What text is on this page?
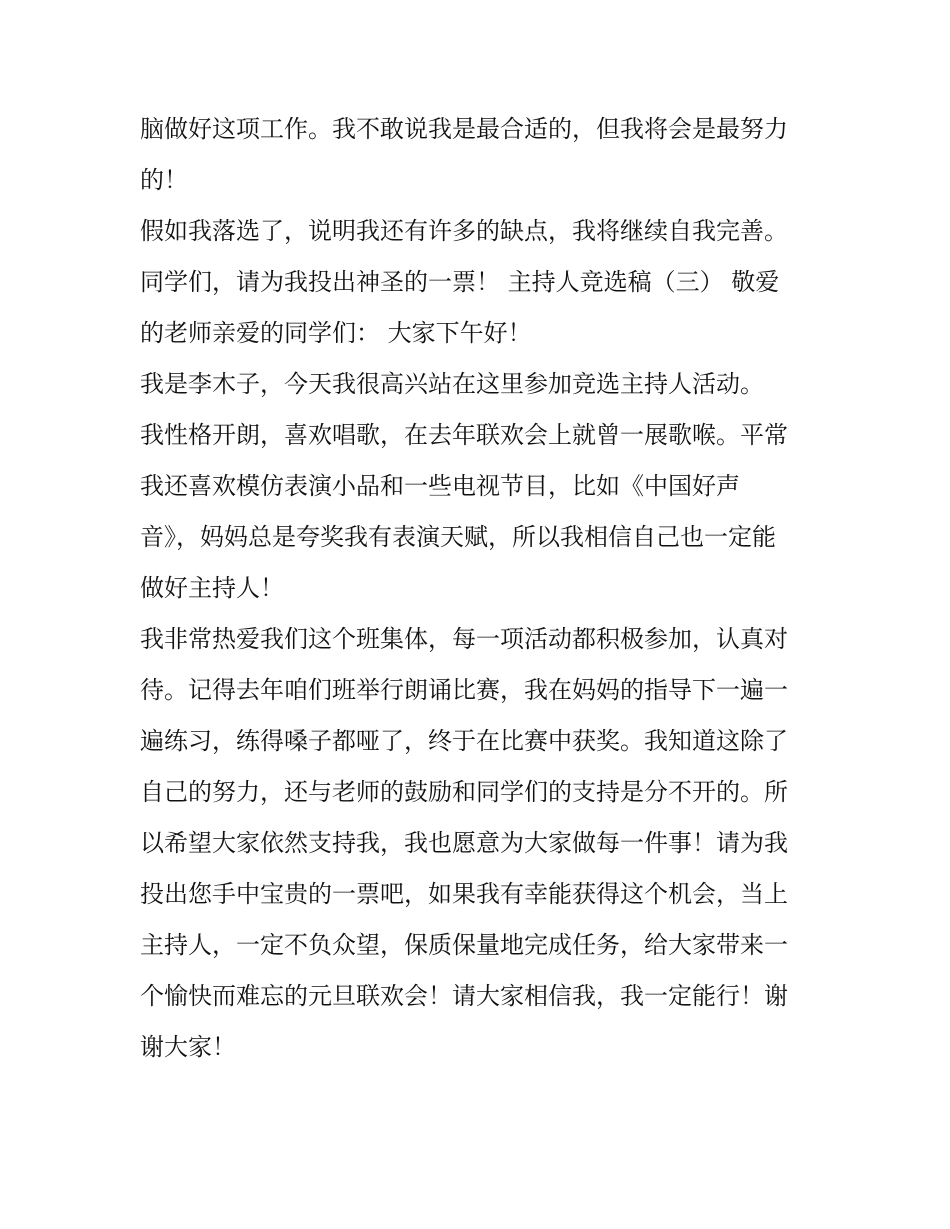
脑做好这项工作。我不敢说我是最合适的，但我将会是最努力

的！

假如我落选了，说明我还有许多的缺点，我将继续自我完善。

同学们，请为我投出神圣的一票！ 主持人竞选稿（三） 敬爱

的老师亲爱的同学们： 大家下午好！

我是李木子，今天我很高兴站在这里参加竞选主持人活动。

我性格开朗，喜欢唱歌，在去年联欢会上就曾一展歌喉。平常

我还喜欢模仿表演小品和一些电视节目，比如《中国好声

音》，妈妈总是夸奖我有表演天赋，所以我相信自己也一定能

做好主持人！

我非常热爱我们这个班集体，每一项活动都积极参加，认真对

待。记得去年咱们班举行朗诵比赛，我在妈妈的指导下一遍一

遍练习，练得嗓子都哑了，终于在比赛中获奖。我知道这除了

自己的努力，还与老师的鼓励和同学们的支持是分不开的。所

以希望大家依然支持我，我也愿意为大家做每一件事！请为我

投出您手中宝贵的一票吧，如果我有幸能获得这个机会，当上

主持人，一定不负众望，保质保量地完成任务，给大家带来一

个愉快而难忘的元旦联欢会！请大家相信我，我一定能行！谢

谢大家！
